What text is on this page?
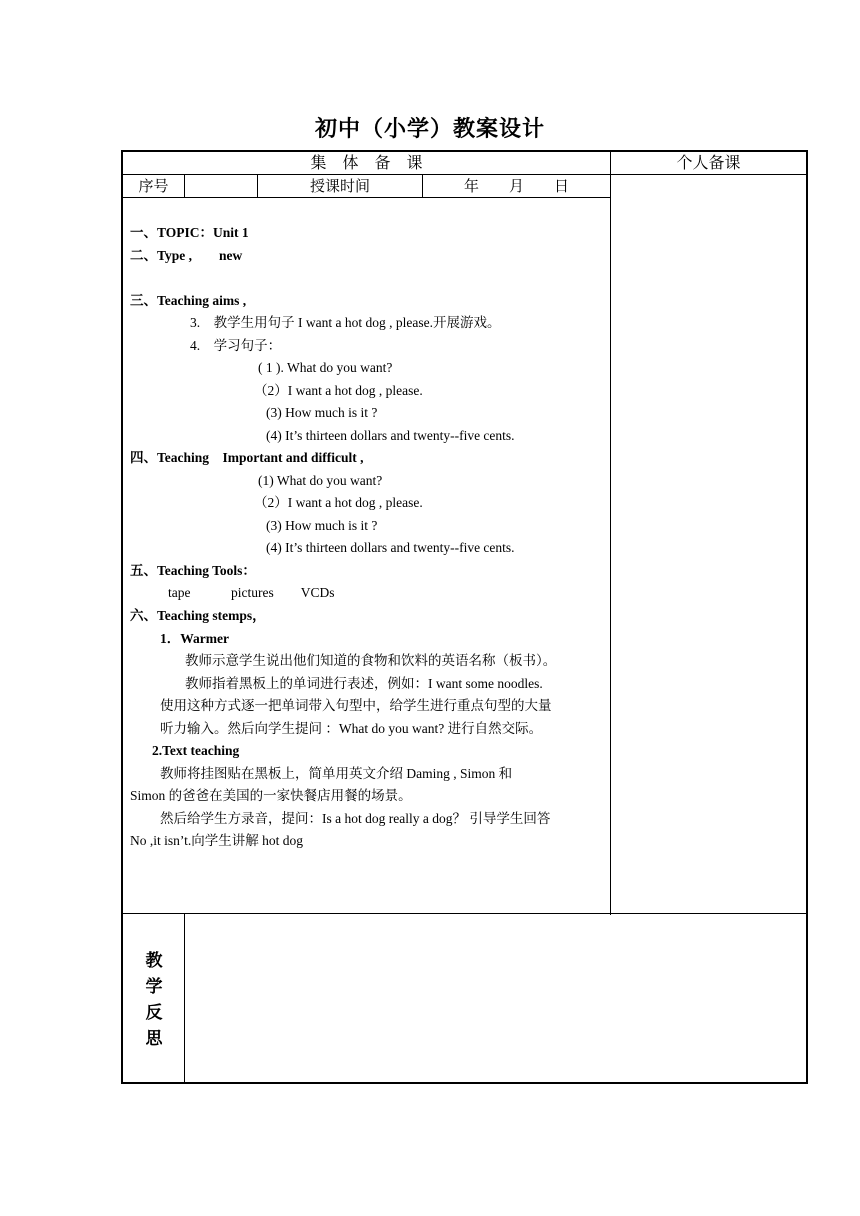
初中（小学）教案设计
集　体　备　课	个人备课
序号	授课时间	年　　月　　日
一、TOPIC：Unit 1
二、Type ,　　new
三、Teaching aims ,
3.　教学生用句子 I want a hot dog , please.开展游戏。
4.　学习句子：
( 1 ). What do you want?
（2）I want a hot dog , please.
(3) How much is it ?
(4) It’s thirteen dollars and twenty--five cents.
四、Teaching　Important and difficult ,
(1) What do you want?
（2）I want a hot dog , please.
(3) How much is it ?
(4) It’s thirteen dollars and twenty--five cents.
五、Teaching Tools：
tape　　　pictures　　VCDs
六、Teaching stemps，
1．Warmer
教师示意学生说出他们知道的食物和饮料的英语名称（板书）。
教师指着黑板上的单词进行表述，例如：I want some noodles.
使用这种方式逐一把单词带入句型中，给学生进行重点句型的大量
听力输入。然后向学生提问 ：What do you want? 进行自然交际。
2.Text teaching
教师将挂图贴在黑板上，简单用英文介绍 Daming , Simon 和
Simon 的爸爸在美国的一家快餐店用餐的场景。
然后给学生方录音，提问：Is a hot dog really a dog？ 引导学生回答
No ,it isn’t.向学生讲解 hot dog
教
学
反
思
